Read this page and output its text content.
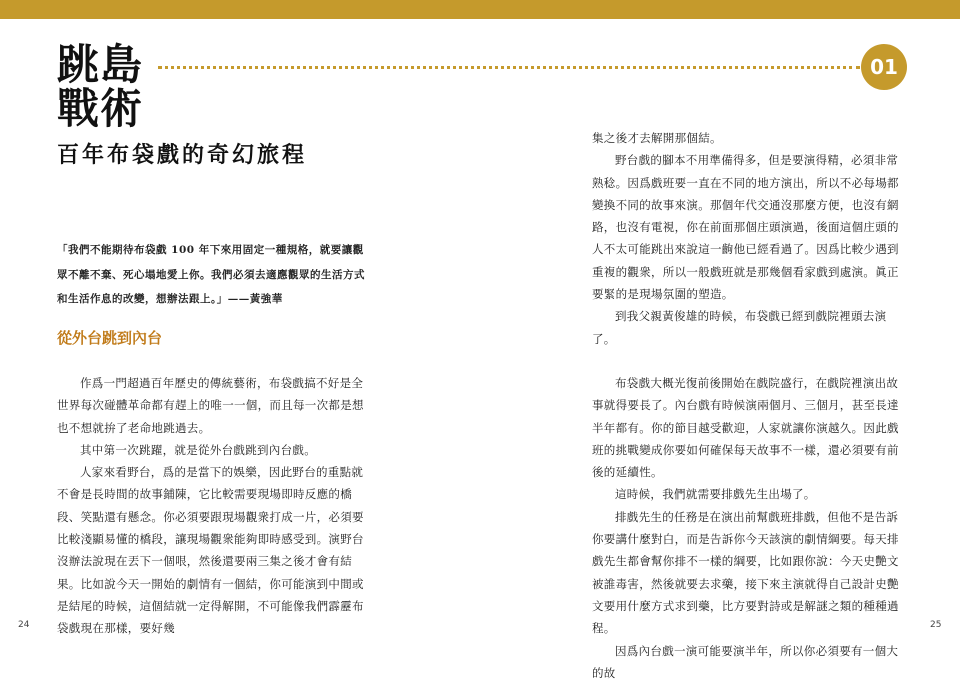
跳島
戰術
01
百年布袋戲的奇幻旅程
「我們不能期待布袋戲 100 年下來用固定一種規格，就要讓觀眾不離不棄、死心塌地愛上你。我們必須去適應觀眾的生活方式和生活作息的改變，想辦法跟上。」——黃強華
從外台跳到內台

作爲一門超過百年歷史的傳統藝術，布袋戲搞不好是全世界每次碰體革命都有趕上的唯一一個，而且每一次都是想也不想就拚了老命地跳過去。

其中第一次跳躍，就是從外台戲跳到內台戲。

人家來看野台，爲的是當下的娛樂，因此野台的重點就不會是長時間的故事鋪陳，它比較需要現場即時反應的橋段、笑點還有懸念。你必須要跟現場觀衆打成一片，必須要比較淺顯易懂的橋段，讓現場觀衆能夠即時感受到。演野台沒辦法說現在丟下一個哏，然後還要兩三集之後才會有結果。比如說今天一開始的劇情有一個結，你可能演到中間或是結尾的時候，這個結就一定得解開，不可能像我們霹靂布袋戲現在那樣，要好幾

集之後才去解開那個結。

野台戲的腳本不用準備得多，但是要演得精，必須非常熟稔。因爲戲班要一直在不同的地方演出，所以不必每場都變換不同的故事來演。那個年代交通沒那麼方便，也沒有網路，也沒有電視，你在前面那個庄頭演過，後面這個庄頭的人不太可能跳出來說這一齣他已經看過了。因爲比較少遇到重複的觀衆，所以一般戲班就是那幾個看家戲到處演。眞正要緊的是現場氛圍的塑造。

到我父親黃俊雄的時候，布袋戲已經到戲院裡頭去演了。

布袋戲大概光復前後開始在戲院盛行，在戲院裡演出故事就得要長了。內台戲有時候演兩個月、三個月，甚至長達半年都有。你的節目越受歡迎，人家就讓你演越久。因此戲班的挑戰變成你要如何確保每天故事不一樣，還必須要有前後的延續性。

這時候，我們就需要排戲先生出場了。

排戲先生的任務是在演出前幫戲班排戲，但他不是告訴你要講什麼對白，而是告訴你今天該演的劇情綱要。每天排戲先生都會幫你排不一樣的綱要，比如跟你說：今天史艷文被誰毒害，然後就要去求藥，接下來主演就得自己設計史艷文要用什麼方式求到藥，比方要對詩或是解謎之類的種種過程。

因爲內台戲一演可能要演半年，所以你必須要有一個大的故

24	25
